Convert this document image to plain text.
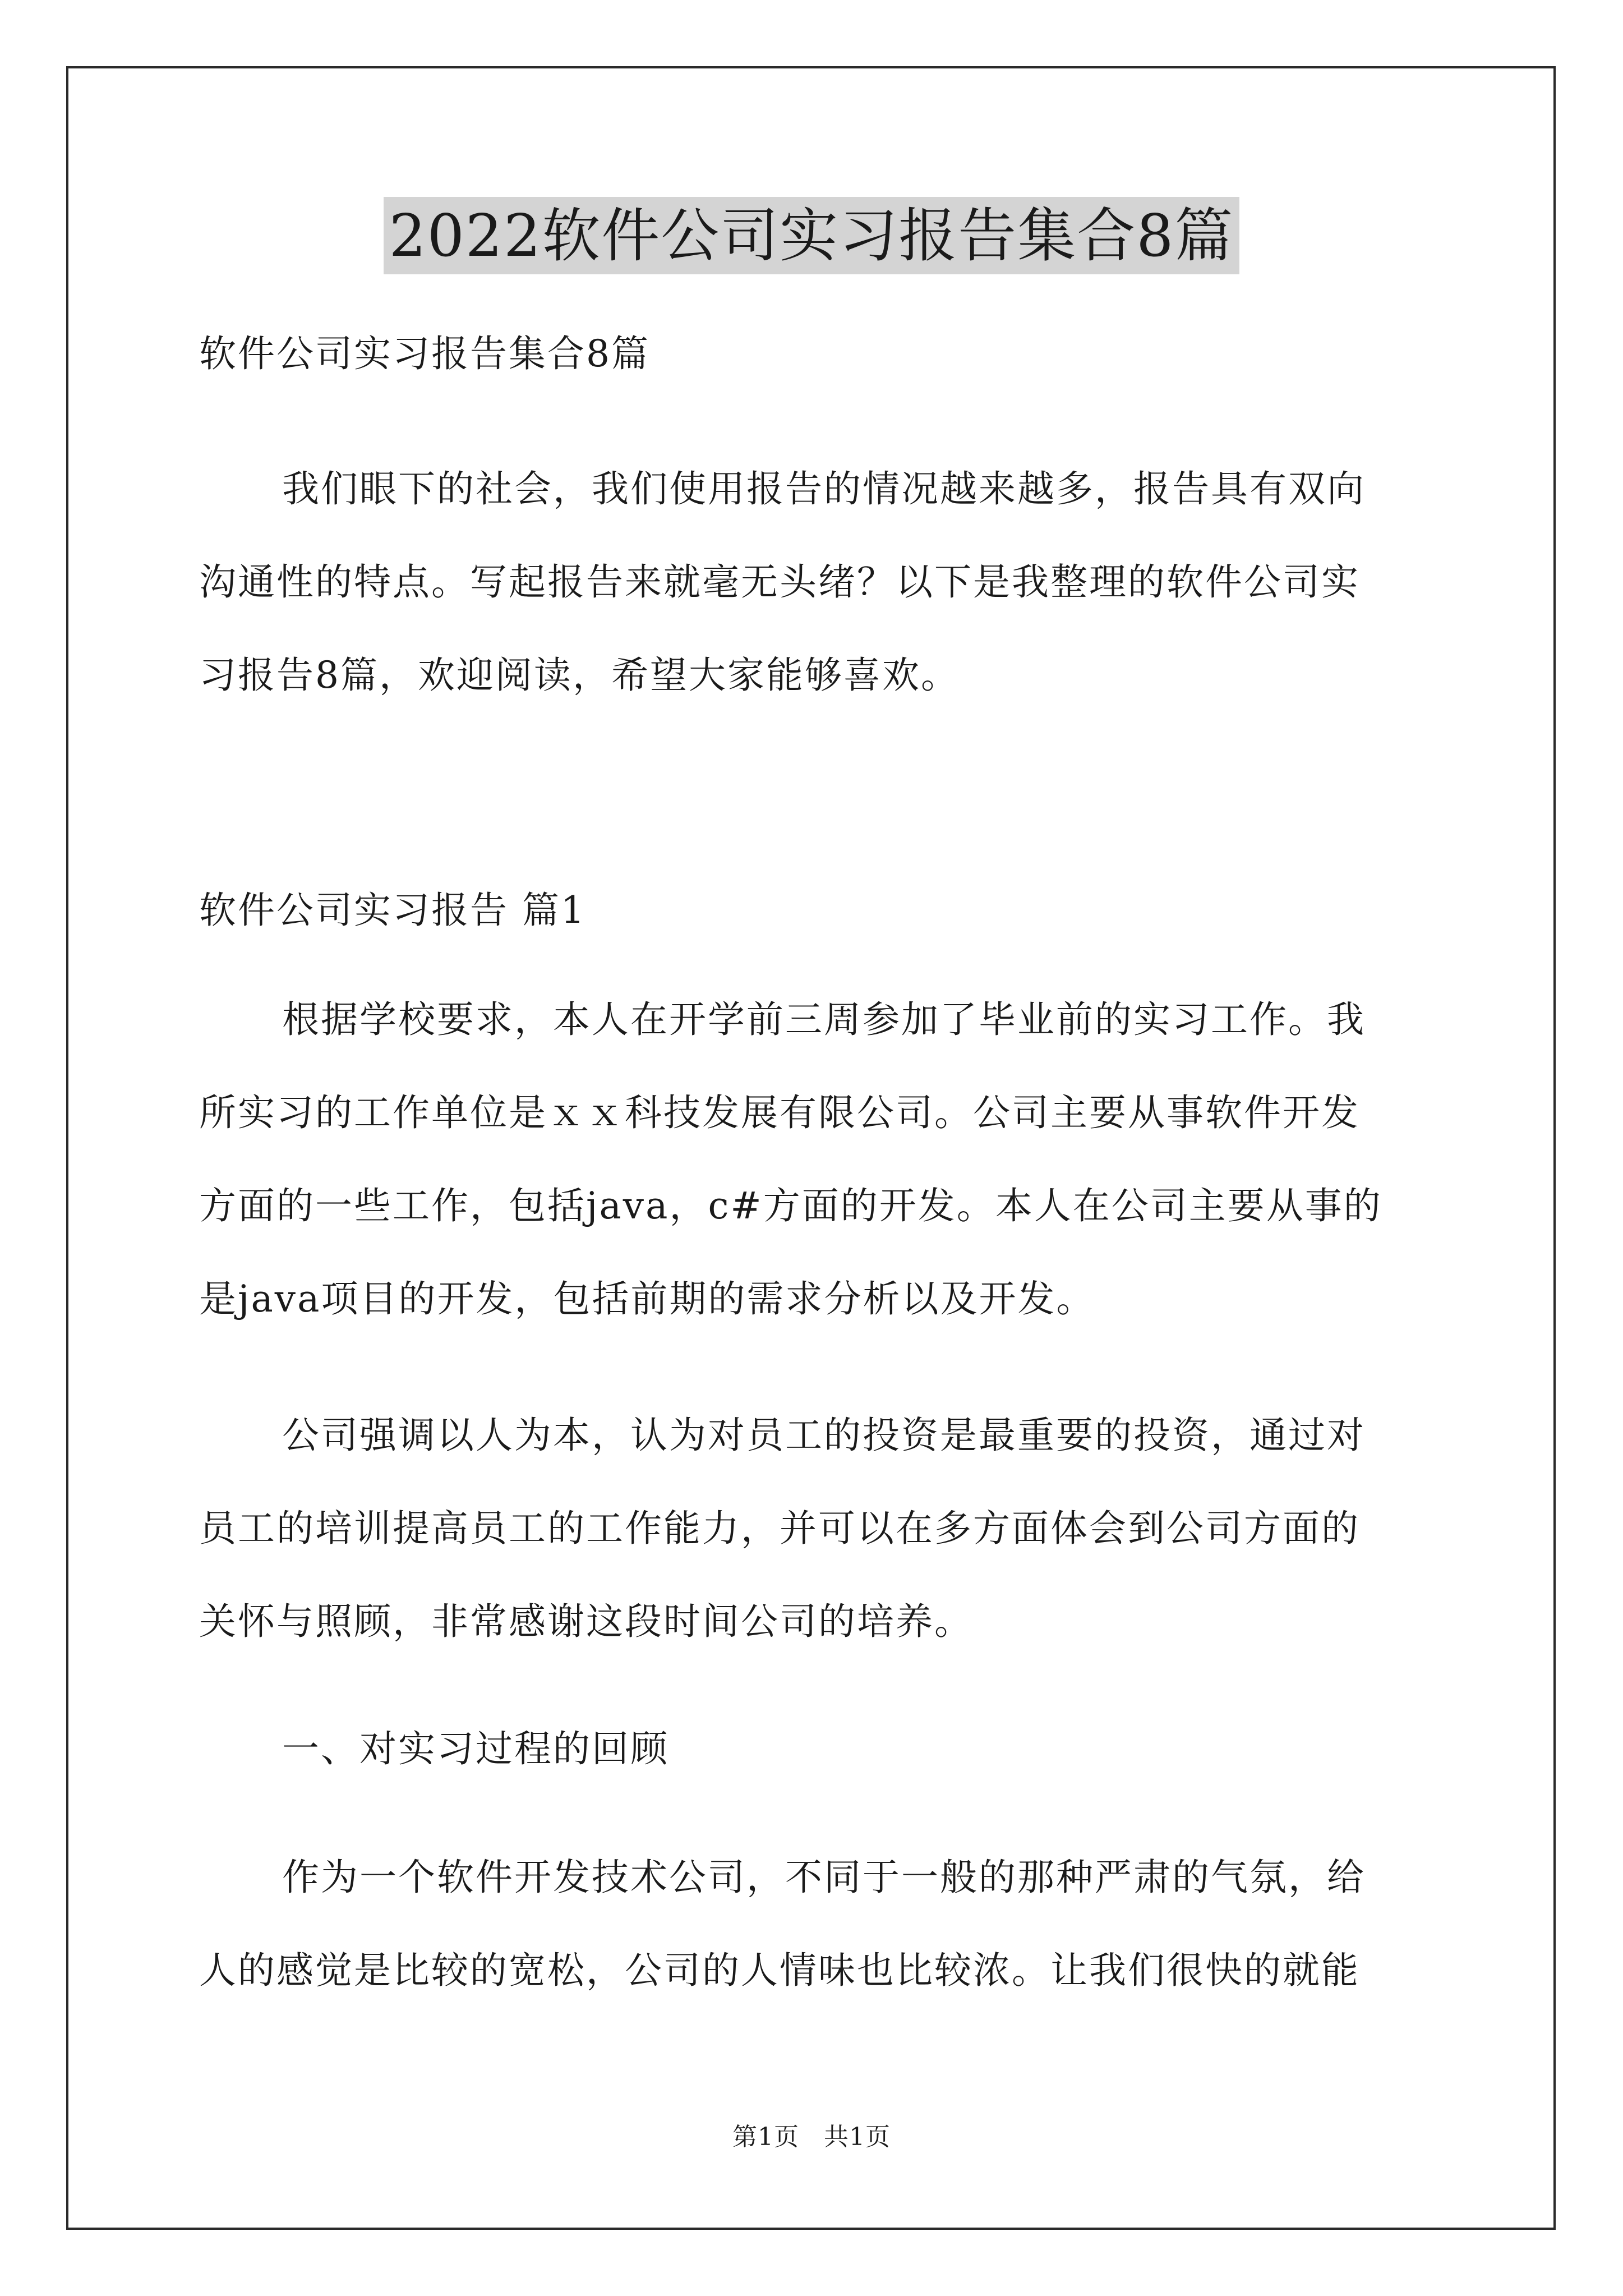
2022软件公司实习报告集合8篇

软件公司实习报告集合8篇

我们眼下的社会，我们使用报告的情况越来越多，报告具有双向

沟通性的特点。写起报告来就毫无头绪？以下是我整理的软件公司实

习报告8篇，欢迎阅读，希望大家能够喜欢。

软件公司实习报告 篇1

根据学校要求，本人在开学前三周参加了毕业前的实习工作。我

所实习的工作单位是ｘｘ科技发展有限公司。公司主要从事软件开发

方面的一些工作，包括java，c#方面的开发。本人在公司主要从事的

是java项目的开发，包括前期的需求分析以及开发。

公司强调以人为本，认为对员工的投资是最重要的投资，通过对

员工的培训提高员工的工作能力，并可以在多方面体会到公司方面的

关怀与照顾，非常感谢这段时间公司的培养。

一、对实习过程的回顾

作为一个软件开发技术公司，不同于一般的那种严肃的气氛，给

人的感觉是比较的宽松，公司的人情味也比较浓。让我们很快的就能

第1页 共1页
